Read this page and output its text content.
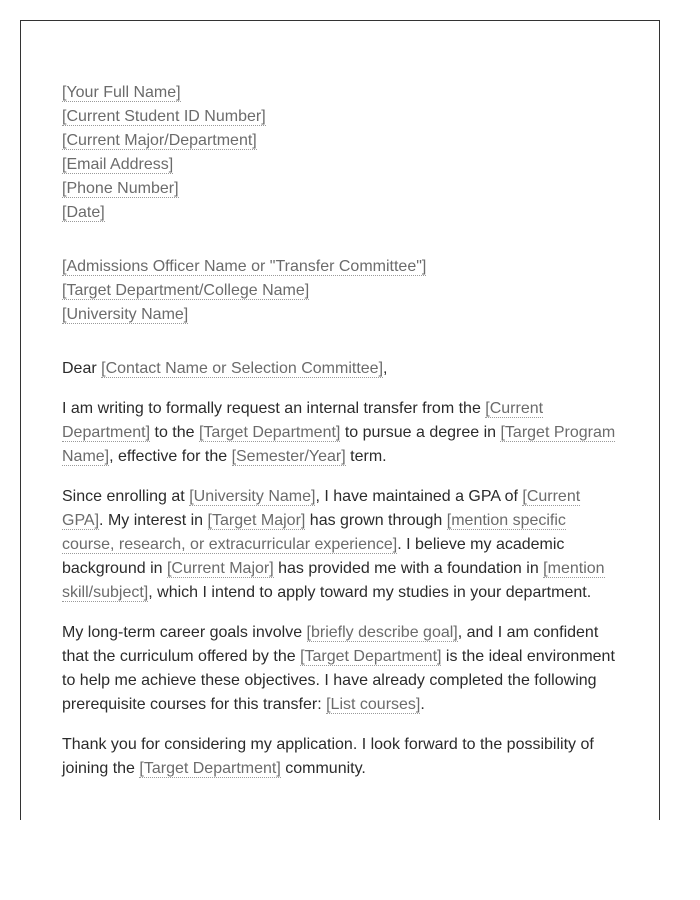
[Your Full Name]

[Current Student ID Number]

[Current Major/Department]

[Email Address]

[Phone Number]

[Date]

[Admissions Officer Name or "Transfer Committee"]

[Target Department/College Name]

[University Name]

Dear [Contact Name or Selection Committee],

I am writing to formally request an internal transfer from the [Current Department] to the [Target Department] to pursue a degree in [Target Program Name], effective for the [Semester/Year] term.

Since enrolling at [University Name], I have maintained a GPA of [Current GPA]. My interest in [Target Major] has grown through [mention specific course, research, or extracurricular experience]. I believe my academic background in [Current Major] has provided me with a foundation in [mention skill/subject], which I intend to apply toward my studies in your department.

My long-term career goals involve [briefly describe goal], and I am confident that the curriculum offered by the [Target Department] is the ideal environment to help me achieve these objectives. I have already completed the following prerequisite courses for this transfer: [List courses].

Thank you for considering my application. I look forward to the possibility of joining the [Target Department] community.
